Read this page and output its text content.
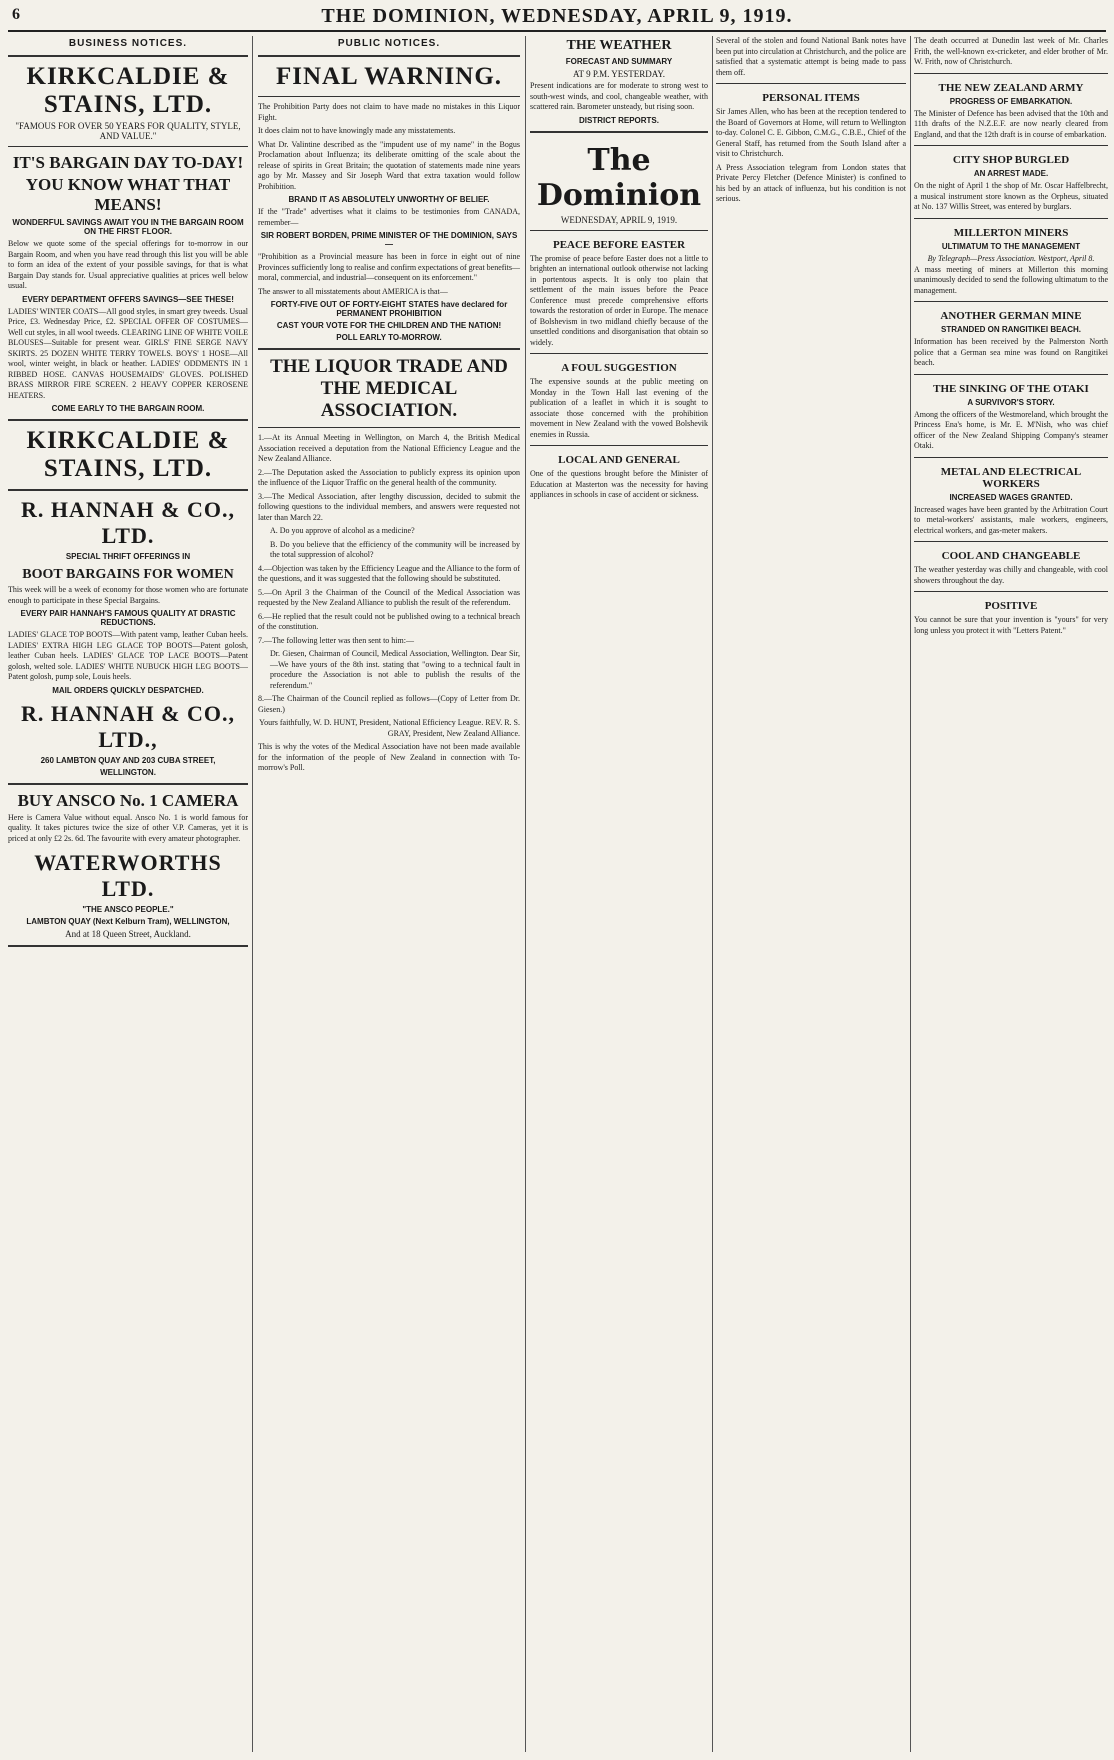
6	THE DOMINION, WEDNESDAY, APRIL 9, 1919.
BUSINESS NOTICES.
KIRKCALDIE & STAINS, LTD.
"FAMOUS FOR OVER 50 YEARS FOR QUALITY, STYLE, AND VALUE."
IT'S BARGAIN DAY TO-DAY!
YOU KNOW WHAT THAT MEANS!
WONDERFUL SAVINGS AWAIT YOU IN THE BARGAIN ROOM ON THE FIRST FLOOR.

Below we quote some of the special offerings for to-morrow in our Bargain Room, and when you have read through this list you will be able to form an idea of the extent of your possible savings, for that is what Bargain Day stands for. Usual appreciative qualities at prices well below usual.

EVERY DEPARTMENT OFFERS SAVINGS—SEE THESE!

LADIES' WINTER COATS—All good styles, in smart grey tweeds. Usual Price, £3. Wednesday Price, £2. SPECIAL OFFER OF COSTUMES—Well cut styles, in all wool tweeds. CLEARING LINE OF WHITE VOILE BLOUSES—Suitable for present wear. GIRLS' FINE SERGE NAVY SKIRTS. 25 DOZEN WHITE TERRY TOWELS. BOYS' 1 HOSE—All wool, winter weight, in black or heather. LADIES' ODDMENTS IN 1 RIBBED HOSE. CANVAS HOUSEMAIDS' GLOVES. POLISHED BRASS MIRROR FIRE SCREEN. 2 HEAVY COPPER KEROSENE HEATERS.

COME EARLY TO THE BARGAIN ROOM.
KIRKCALDIE & STAINS, LTD.
R. HANNAH & CO., LTD.
SPECIAL THRIFT OFFERINGS IN
BOOT BARGAINS FOR WOMEN

This week will be a week of economy for those women who are fortunate enough to participate in these Special Bargains.

EVERY PAIR HANNAH'S FAMOUS QUALITY AT DRASTIC REDUCTIONS.

LADIES' GLACE TOP BOOTS—With patent vamp, leather Cuban heels. LADIES' EXTRA HIGH LEG GLACE TOP BOOTS—Patent golosh, leather Cuban heels. LADIES' GLACE TOP LACE BOOTS—Patent golosh, welted sole. LADIES' WHITE NUBUCK HIGH LEG BOOTS—Patent golosh, pump sole, Louis heels.

MAIL ORDERS QUICKLY DESPATCHED.
R. HANNAH & CO., LTD.,
260 LAMBTON QUAY AND 203 CUBA STREET,
WELLINGTON.
BUY ANSCO No. 1 CAMERA

Here is Camera Value without equal. Ansco No. 1 is world famous for quality. It takes pictures twice the size of other V.P. Cameras, yet it is priced at only £2 2s. 6d. The favourite with every amateur photographer.

WATERWORTHS LTD.
"THE ANSCO PEOPLE."
LAMBTON QUAY (Next Kelburn Tram), WELLINGTON,
And at 18 Queen Street, Auckland.
PUBLIC NOTICES.
FINAL WARNING.

The Prohibition Party does not claim to have made no mistakes in this Liquor Fight.

It does claim not to have knowingly made any misstatements.

What Dr. Valintine described as the "impudent use of my name" in the Bogus Proclamation about Influenza; its deliberate omitting of the scale about the release of spirits in Great Britain; the quotation of statements made nine years ago by Mr. Massey and Sir Joseph Ward that extra taxation would follow Prohibition.

BRAND IT AS ABSOLUTELY UNWORTHY OF BELIEF.

If the "Trade" advertises what it claims to be testimonies from CANADA, remember—

SIR ROBERT BORDEN, PRIME MINISTER OF THE DOMINION, SAYS—

"Prohibition as a Provincial measure has been in force in eight out of nine Provinces sufficiently long to realise and confirm expectations of great benefits—moral, commercial, and industrial—consequent on its enforcement."

The answer to all misstatements about AMERICA is that—

FORTY-FIVE OUT OF FORTY-EIGHT STATES have declared for PERMANENT PROHIBITION
CAST YOUR VOTE FOR THE CHILDREN AND THE NATION!
POLL EARLY TO-MORROW.
THE LIQUOR TRADE AND THE MEDICAL ASSOCIATION.

1.—At its Annual Meeting in Wellington, on March 4, the British Medical Association received a deputation from the National Efficiency League and the New Zealand Alliance.

2.—The Deputation asked the Association to publicly express its opinion upon the influence of the Liquor Traffic on the general health of the community.

3.—The Medical Association, after lengthy discussion, decided to submit the following questions to the individual members, and answers were requested not later than March 22.

A. Do you approve of alcohol as a medicine?

B. Do you believe that the efficiency of the community will be increased by the total suppression of alcohol?

4.—Objection was taken by the Efficiency League and the Alliance to the form of the questions, and it was suggested that the following should be substituted.

5.—On April 3 the Chairman of the Council of the Medical Association was requested by the New Zealand Alliance to publish the result of the referendum.

6.—He replied that the result could not be published owing to a technical breach of the constitution.

7.—The following letter was then sent to him:—

Dr. Giesen, Chairman of Council, Medical Association, Wellington. Dear Sir,—We have yours of the 8th inst. stating that "owing to a technical fault in procedure the Association is not able to publish the results of the referendum."

8.—The Chairman of the Council replied as follows—(Copy of Letter from Dr. Giesen.)

Yours faithfully, W. D. HUNT, President, National Efficiency League. REV. R. S. GRAY, President, New Zealand Alliance.

This is why the votes of the Medical Association have not been made available for the information of the people of New Zealand in connection with To-morrow's Poll.

THE WEATHER
FORECAST AND SUMMARY
AT 9 P.M. YESTERDAY.

Present indications are for moderate to strong west to south-west winds, and cool, changeable weather, with scattered rain. Barometer unsteady, but rising soon.

DISTRICT REPORTS.
The Dominion
WEDNESDAY, APRIL 9, 1919.
PEACE BEFORE EASTER

The promise of peace before Easter does not a little to brighten an international outlook otherwise not lacking in portentous aspects. It is only too plain that settlement of the main issues before the Peace Conference must precede comprehensive efforts towards the restoration of order in Europe. The menace of Bolshevism in two midland chiefly because of the unsettled conditions and disorganisation that obtain so widely.

A FOUL SUGGESTION

The expensive sounds at the public meeting on Monday in the Town Hall last evening of the publication of a leaflet in which it is sought to associate those concerned with the prohibition movement in New Zealand with the vowed Bolshevik enemies in Russia.

LOCAL AND GENERAL

One of the questions brought before the Minister of Education at Masterton was the necessity for having appliances in schools in case of accident or sickness.

Several of the stolen and found National Bank notes have been put into circulation at Christchurch, and the police are satisfied that a systematic attempt is being made to pass them off.

PERSONAL ITEMS

Sir James Allen, who has been at the reception tendered to the Board of Governors at Home, will return to Wellington to-day. Colonel C. E. Gibbon, C.M.G., C.B.E., Chief of the General Staff, has returned from the South Island after a visit to Christchurch.

A Press Association telegram from London states that Private Percy Fletcher (Defence Minister) is confined to his bed by an attack of influenza, but his condition is not serious.

The death occurred at Dunedin last week of Mr. Charles Frith, the well-known ex-cricketer, and elder brother of Mr. W. Frith, now of Christchurch.

THE NEW ZEALAND ARMY
PROGRESS OF EMBARKATION.

The Minister of Defence has been advised that the 10th and 11th drafts of the N.Z.E.F. are now nearly cleared from England, and that the 12th draft is in course of embarkation.

CITY SHOP BURGLED
AN ARREST MADE.

On the night of April 1 the shop of Mr. Oscar Haffelbrecht, a musical instrument store known as the Orpheus, situated at No. 137 Willis Street, was entered by burglars.

MILLERTON MINERS
ULTIMATUM TO THE MANAGEMENT
By Telegraph—Press Association. Westport, April 8.

A mass meeting of miners at Millerton this morning unanimously decided to send the following ultimatum to the management.

ANOTHER GERMAN MINE
STRANDED ON RANGITIKEI BEACH.

Information has been received by the Palmerston North police that a German sea mine was found on Rangitikei beach.

THE SINKING OF THE OTAKI
A SURVIVOR'S STORY.

Among the officers of the Westmoreland, which brought the Princess Ena's home, is Mr. E. M'Nish, who was chief officer of the New Zealand Shipping Company's steamer Otaki.

METAL AND ELECTRICAL WORKERS
INCREASED WAGES GRANTED.

Increased wages have been granted by the Arbitration Court to metal-workers' assistants, male workers, engineers, electrical workers, and gas-meter makers.

COOL AND CHANGEABLE

The weather yesterday was chilly and changeable, with cool showers throughout the day.

POSITIVE

You cannot be sure that your invention is "yours" for very long unless you protect it with "Letters Patent."
